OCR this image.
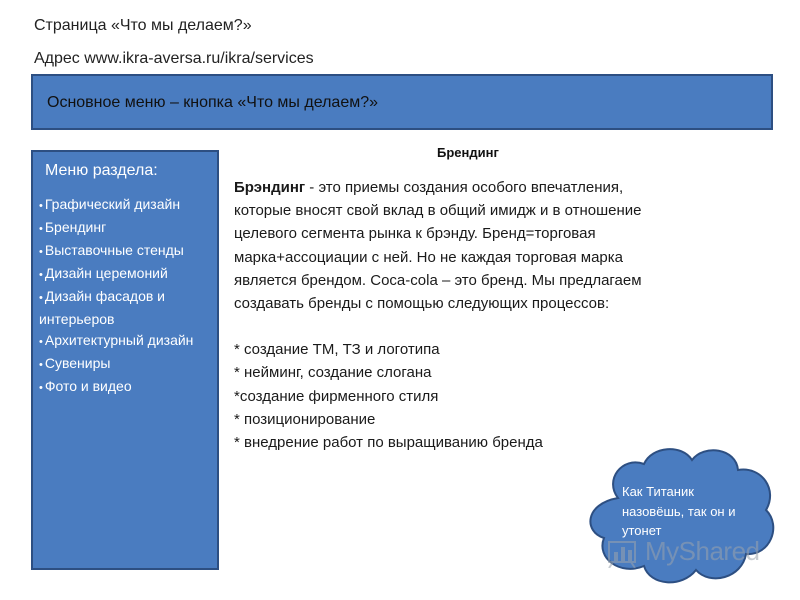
Страница «Что мы делаем?»
Адрес www.ikra-aversa.ru/ikra/services
Основное меню – кнопка «Что мы делаем?»
Меню раздела:
• Графический дизайн
• Брендинг
• Выставочные стенды
• Дизайн церемоний
• Дизайн фасадов и интерьеров
• Архитектурный дизайн
• Сувениры
• Фото и видео
Брендинг

Брэндинг - это приемы создания особого впечатления,

которые вносят свой вклад в общий имидж и в отношение

целевого сегмента рынка к брэнду. Бренд=торговая

марка+ассоциации с ней. Но не каждая торговая марка

является брендом. Coca-cola – это бренд. Мы предлагаем

создавать бренды с помощью следующих процессов:

* создание ТМ, ТЗ и логотипа

* нейминг, создание слогана

*создание фирменного стиля

* позиционирование

* внедрение работ по выращиванию бренда

Как Титаник назовёшь, так он и утонет
MyShared
